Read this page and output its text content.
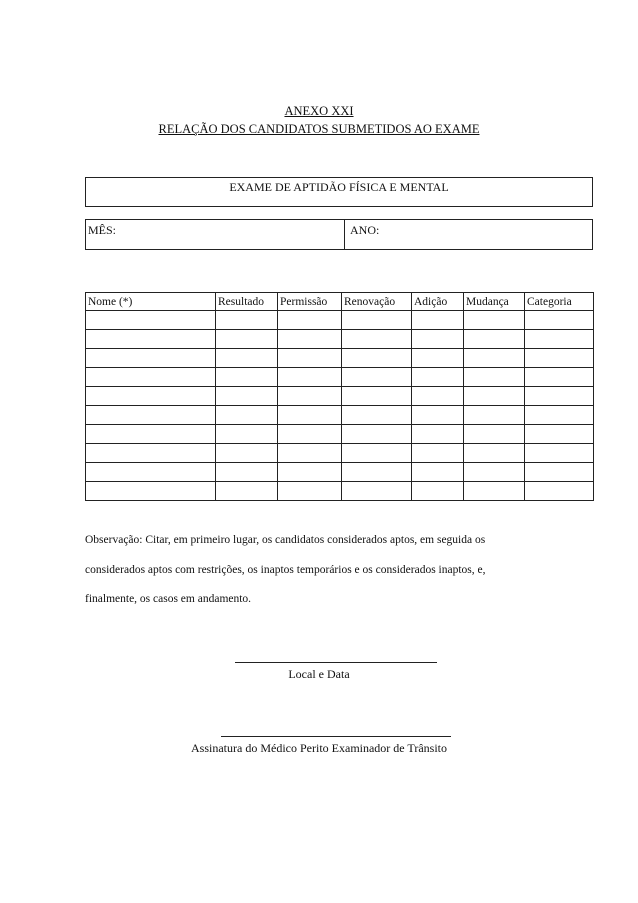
ANEXO XXI
RELAÇÃO DOS CANDIDATOS SUBMETIDOS AO EXAME
EXAME DE APTIDÃO FÍSICA E MENTAL
MÊS:	ANO:
Nome (*)	Resultado	Permissão	Renovação	Adição	Mudança	Categoria

Observação: Citar, em primeiro lugar, os candidatos considerados aptos, em seguida os
considerados aptos com restrições, os inaptos temporários e os considerados inaptos, e,
finalmente, os casos em andamento.
Local e Data
Assinatura do Médico Perito Examinador de Trânsito
